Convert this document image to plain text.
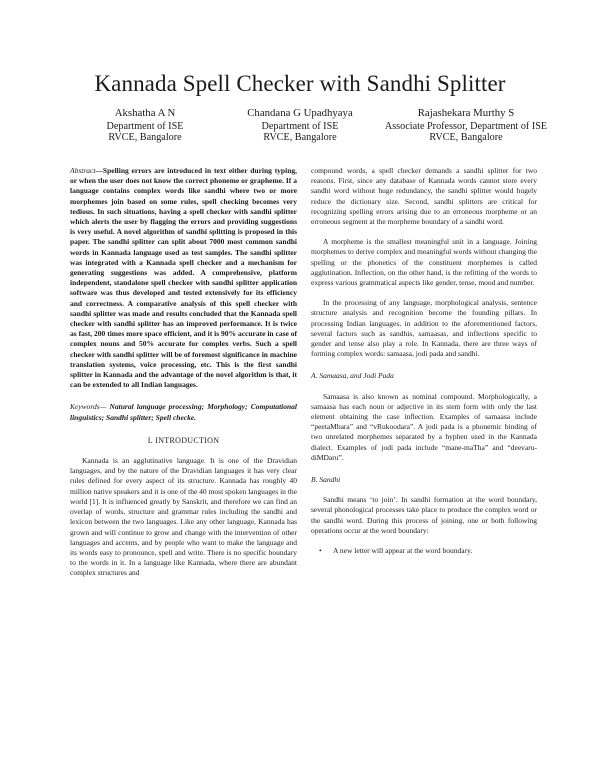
Kannada Spell Checker with Sandhi Splitter
Akshatha A N
Department of ISE
RVCE, Bangalore
Chandana G Upadhyaya
Department of ISE
RVCE, Bangalore
Rajashekara Murthy S
Associate Professor, Department of ISE
RVCE, Bangalore

Abstract—Spelling errors are introduced in text either during typing, or when the user does not know the correct phoneme or grapheme. If a language contains complex words like sandhi where two or more morphemes join based on some rules, spell checking becomes very tedious. In such situations, having a spell checker with sandhi splitter which alerts the user by flagging the errors and providing suggestions is very useful. A novel algorithm of sandhi splitting is proposed in this paper. The sandhi splitter can split about 7000 most common sandhi words in Kannada language used as test samples. The sandhi splitter was integrated with a Kannada spell checker and a mechanism for generating suggestions was added. A comprehensive, platform independent, standalone spell checker with sandhi splitter application software was thus developed and tested extensively for its efficiency and correctness. A comparative analysis of this spell checker with sandhi splitter was made and results concluded that the Kannada spell checker with sandhi splitter has an improved performance. It is twice as fast, 200 times more space efficient, and it is 90% accurate in case of complex nouns and 50% accurate for complex verbs. Such a spell checker with sandhi splitter will be of foremost significance in machine translation systems, voice processing, etc. This is the first sandhi splitter in Kannada and the advantage of the novel algorithm is that, it can be extended to all Indian languages.

Keywords— Natural language processing; Morphology; Computational linguistics; Sandhi splitter; Spell checke.

I. INTRODUCTION

Kannada is an agglutinative language. It is one of the Dravidian languages, and by the nature of the Dravidian languages it has very clear rules defined for every aspect of its structure. Kannada has roughly 40 million native speakers and it is one of the 40 most spoken languages in the world [1]. It is influenced greatly by Sanskrit, and therefore we can find an overlap of words, structure and grammar rules including the sandhi and lexicon between the two languages. Like any other language, Kannada has grown and will continue to grow and change with the intervention of other languages and accents, and by people who want to make the language and its words easy to pronounce, spell and write. There is no specific boundary to the words in it. In a language like Kannada, where there are abundant complex structures and

compound words, a spell checker demands a sandhi splitter for two reasons. First, since any database of Kannada words cannot store every sandhi word without huge redundancy, the sandhi splitter would hugely reduce the dictionary size. Second, sandhi splitters are critical for recognizing spelling errors arising due to an erroneous morpheme or an erroneous segment at the morpheme boundary of a sandhi word.

A morpheme is the smallest meaningful unit in a language. Joining morphemes to derive complex and meaningful words without changing the spelling or the phonetics of the constituent morphemes is called agglutination. Inflection, on the other hand, is the refitting of the words to express various grammatical aspects like gender, tense, mood and number.

In the processing of any language, morphological analysis, sentence structure analysis and recognition become the founding pillars. In processing Indian languages, in addition to the aforementioned factors, several factors such as sandhis, samaasas, and inflections specific to gender and tense also play a role. In Kannada, there are three ways of forming complex words: samaasa, jodi pada and sandhi.

A. Samaasa, and Jodi Pada

Samaasa is also known as nominal compound. Morphologically, a samaasa has each noun or adjective in its stem form with only the last element obtaining the case inflection. Examples of samaasa include “peetaMbara” and “vRukoodara”. A jodi pada is a phonemic binding of two unrelated morphemes separated by a hyphen used in the Kannada dialect. Examples of jodi pada include “mane-maTha” and “deevaru-diMDaru”.

B. Sandhi

Sandhi means ‘to join’. In sandhi formation at the word boundary, several phonological processes take place to produce the complex word or the sandhi word. During this process of joining, one or both following operations occur at the word boundary:

•	A new letter will appear at the word boundary.
